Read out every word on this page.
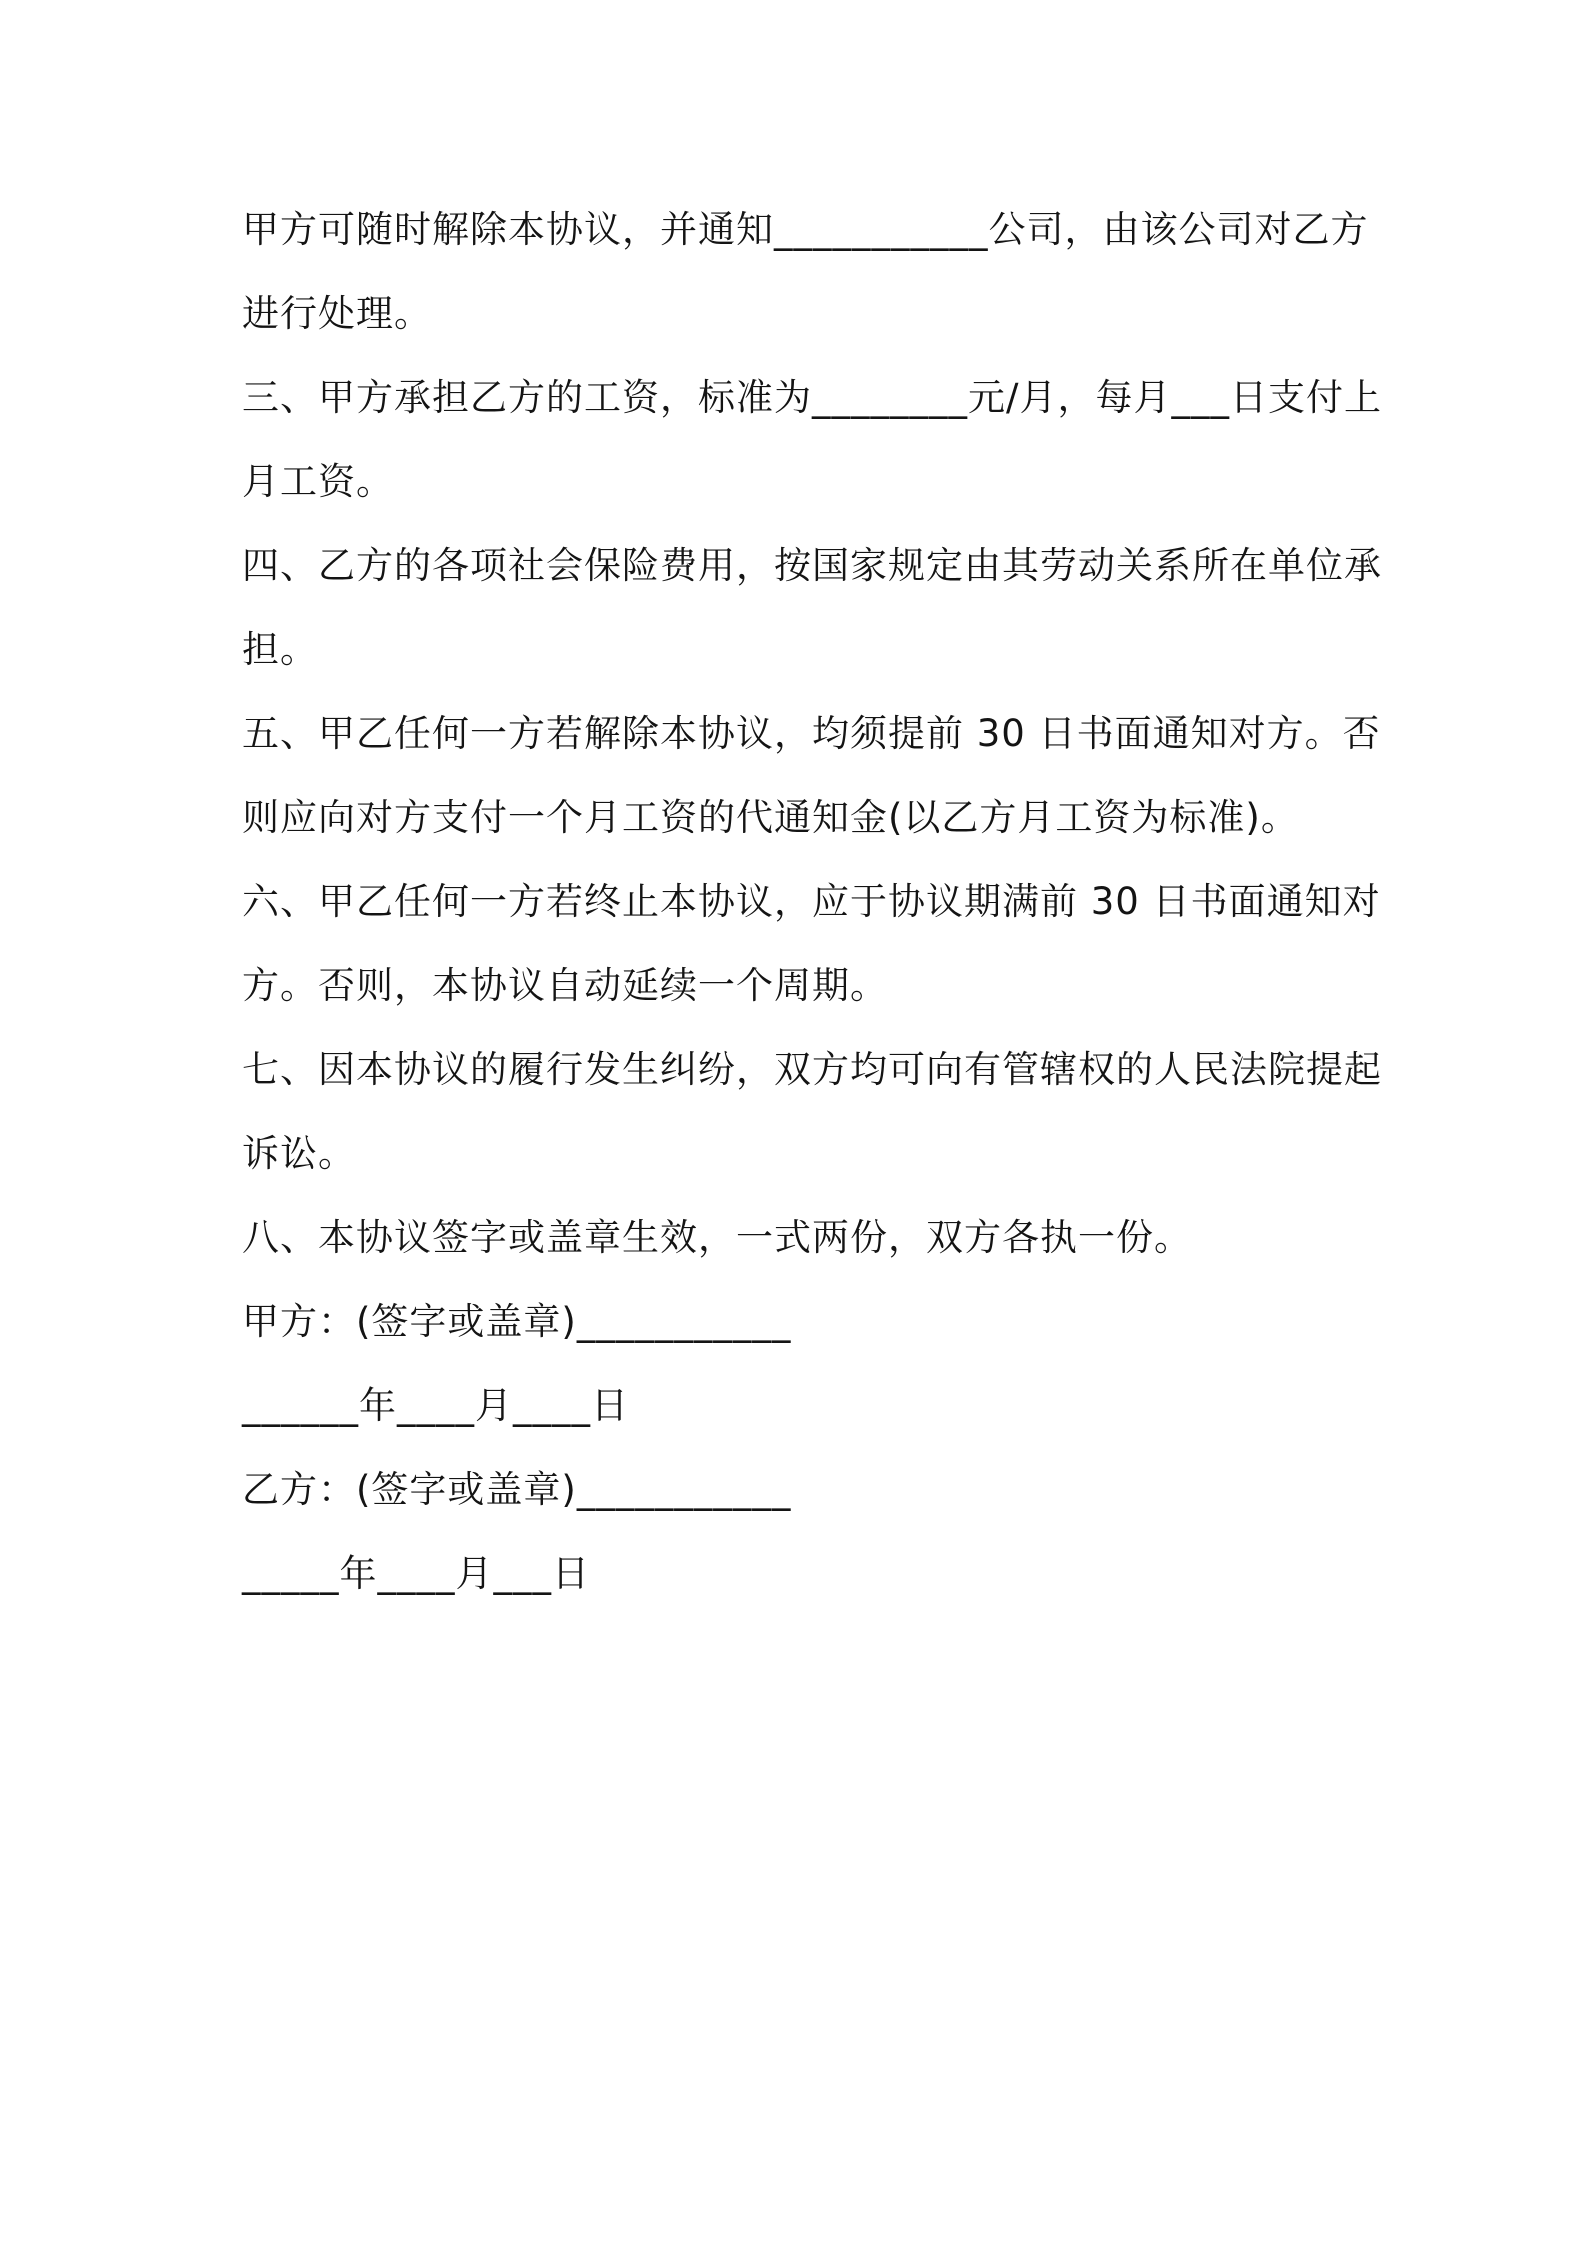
甲方可随时解除本协议，并通知___________公司，由该公司对乙方
进行处理。
三、甲方承担乙方的工资，标准为________元/月，每月___日支付上
月工资。
四、乙方的各项社会保险费用，按国家规定由其劳动关系所在单位承
担。
五、甲乙任何一方若解除本协议，均须提前 30 日书面通知对方。否
则应向对方支付一个月工资的代通知金(以乙方月工资为标准)。
六、甲乙任何一方若终止本协议，应于协议期满前 30 日书面通知对
方。否则，本协议自动延续一个周期。
七、因本协议的履行发生纠纷，双方均可向有管辖权的人民法院提起
诉讼。
八、本协议签字或盖章生效，一式两份，双方各执一份。
甲方：(签字或盖章)___________
______年____月____日
乙方：(签字或盖章)___________
_____年____月___日
